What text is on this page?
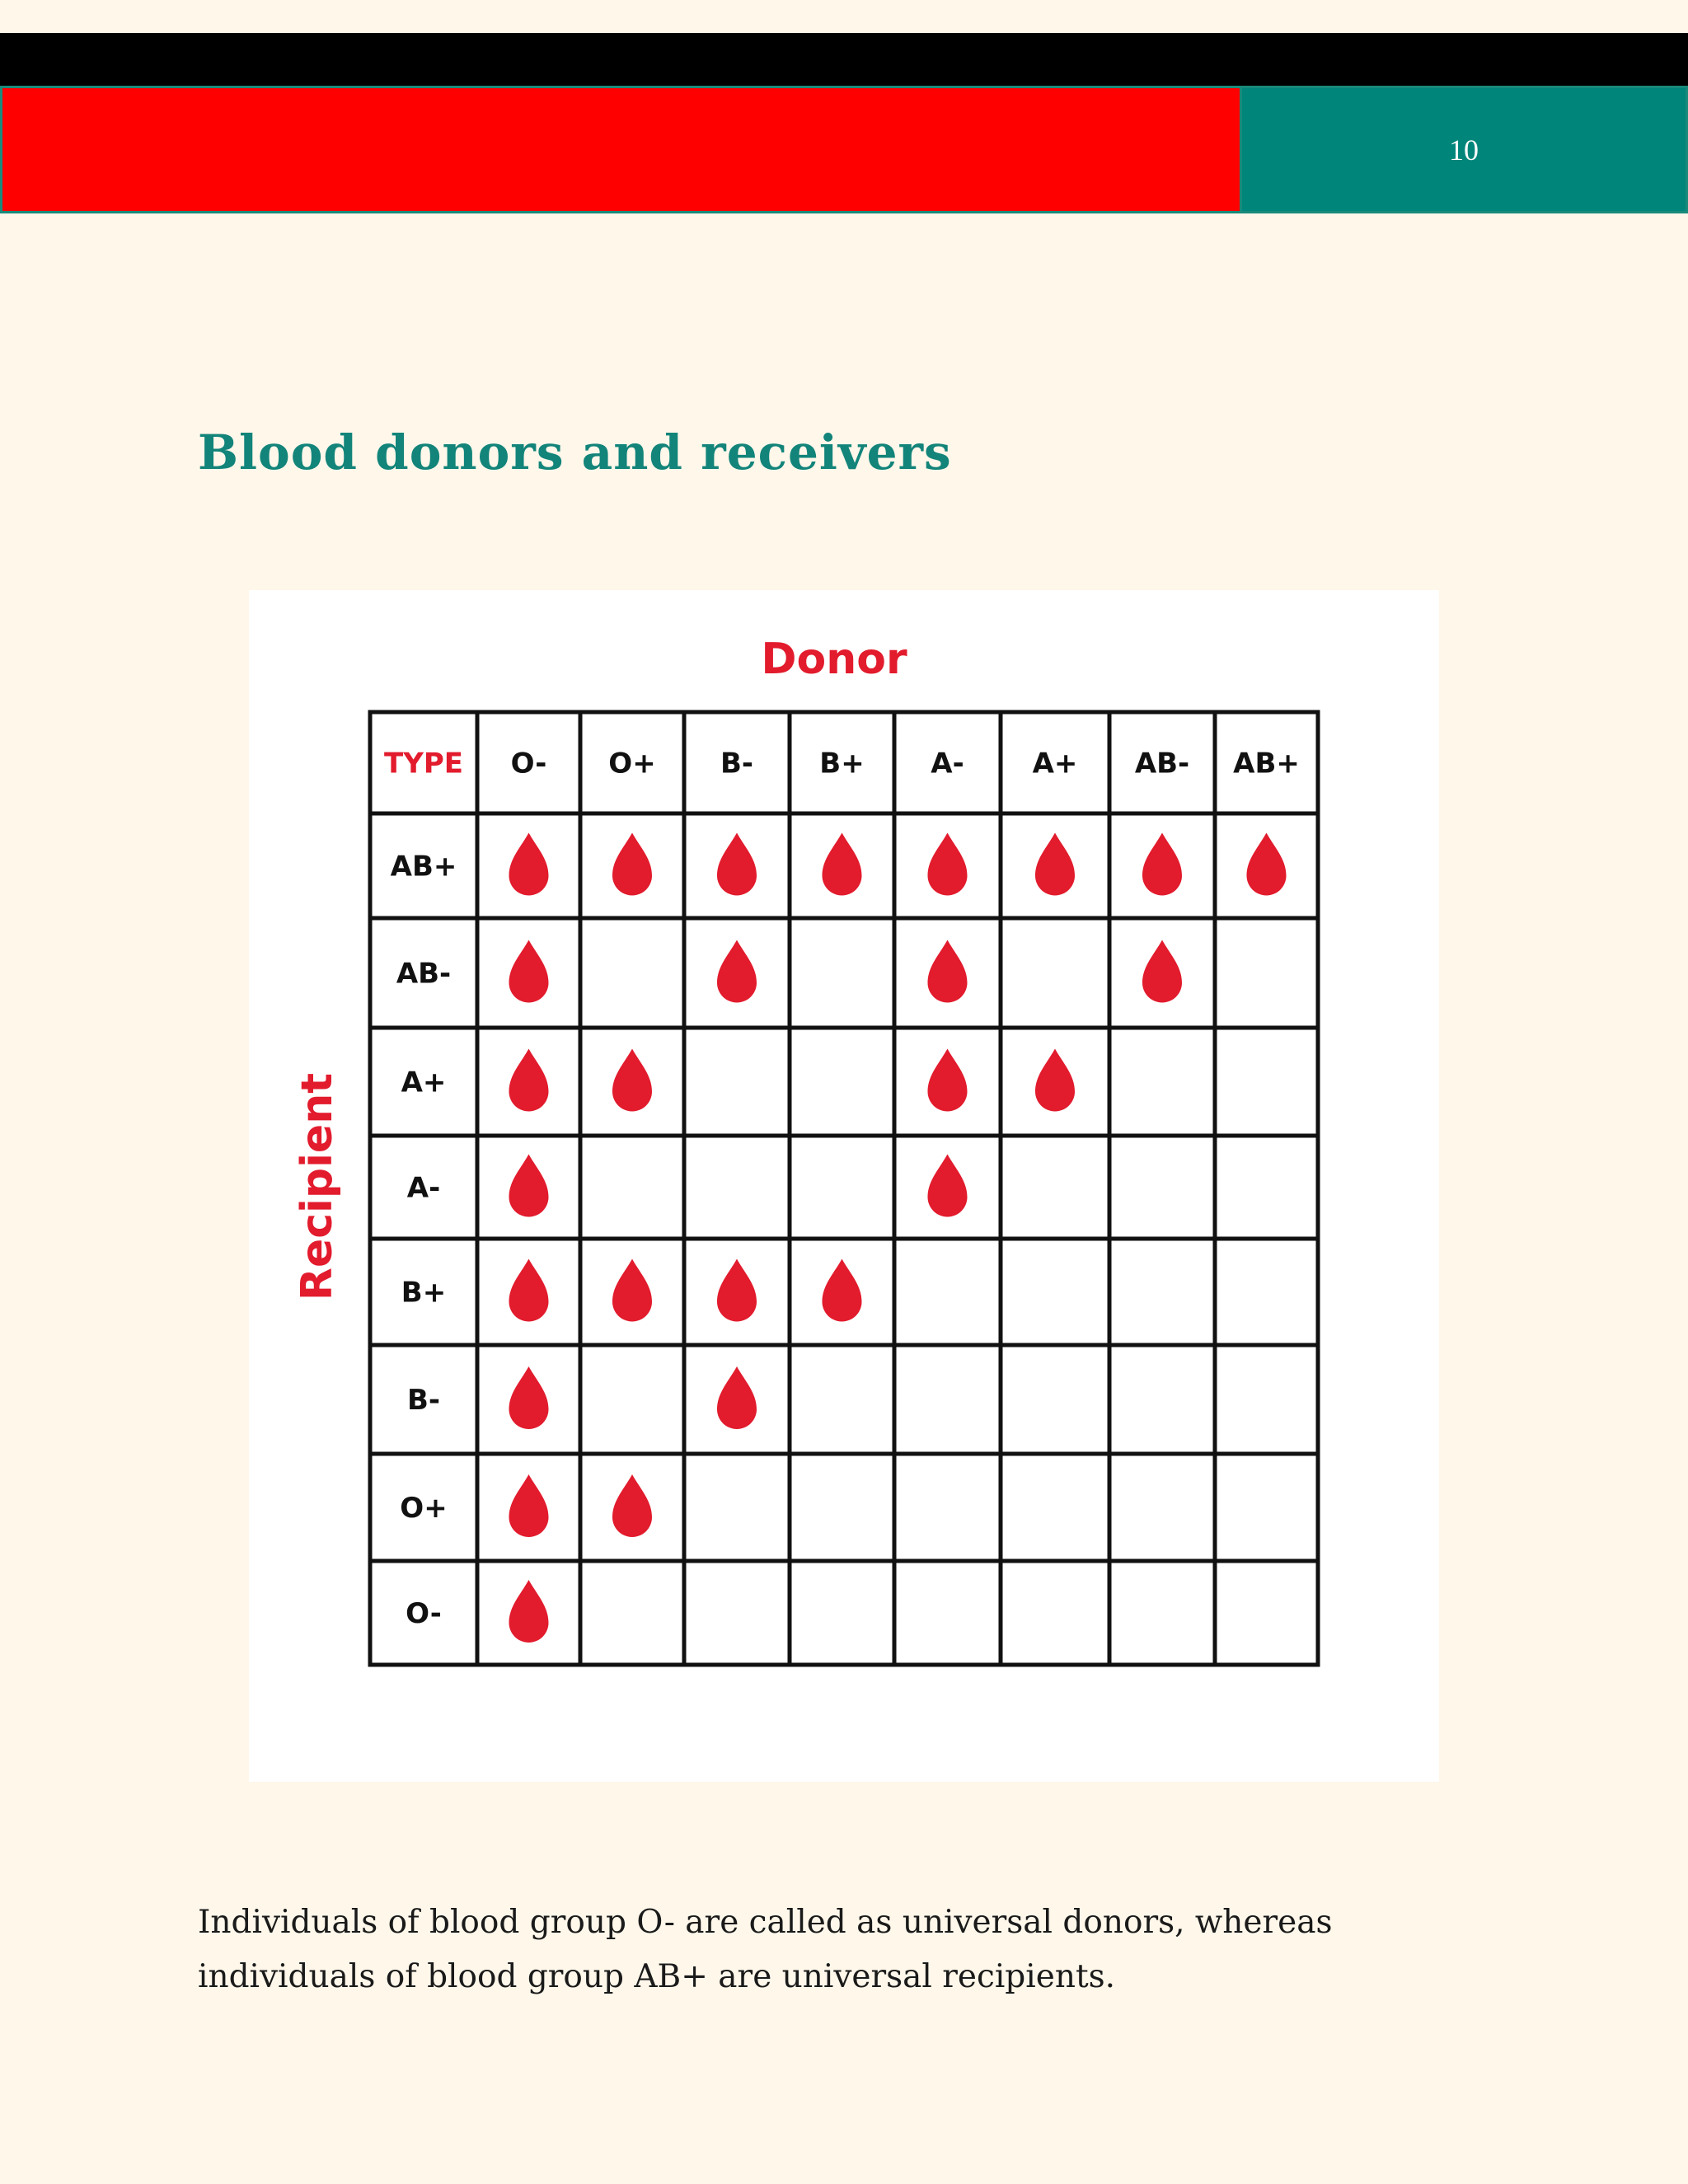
10
Blood donors and receivers
Donor
Recipient
TYPE O- O+ B- B+ A- A+ AB- AB+
AB+
AB-
A+
A-
B+
B-
O+
O-

Individuals of blood group O- are called as universal donors, whereas individuals of blood group AB+ are universal recipients.
